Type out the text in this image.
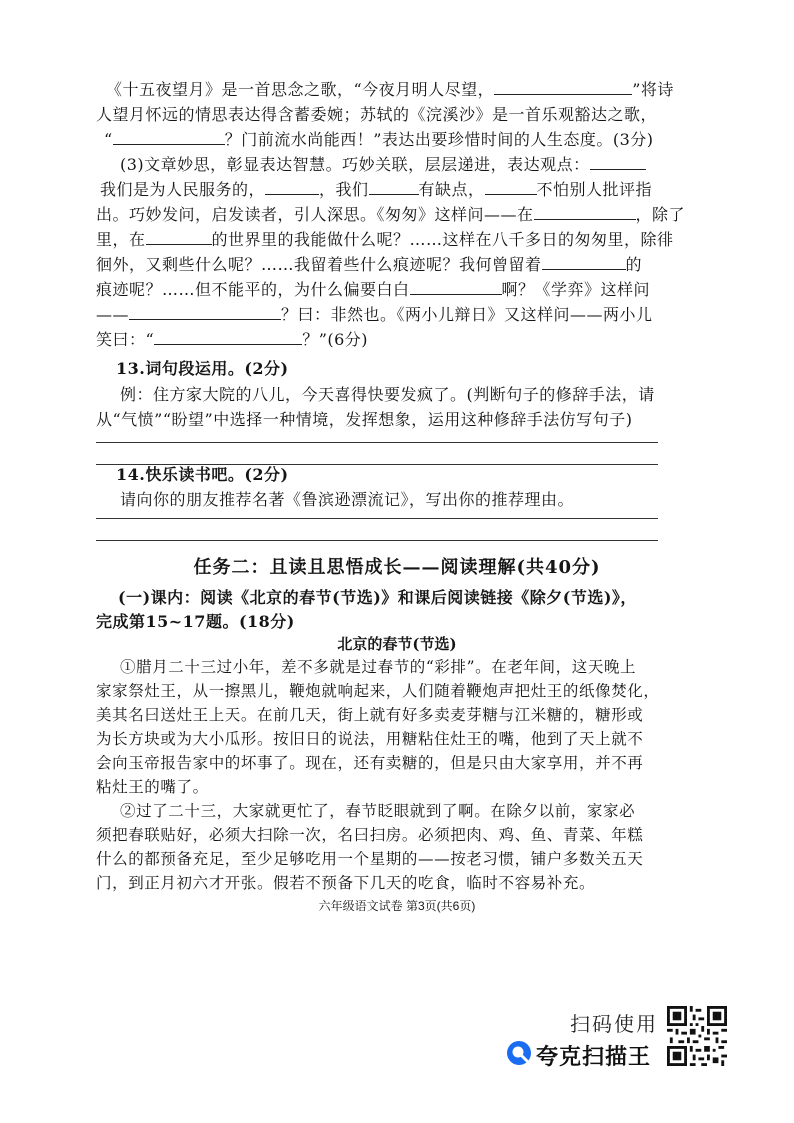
《十五夜望月》是一首思念之歌，“今夜月明人尽望，	”将诗
人望月怀远的情思表达得含蓄委婉；苏轼的《浣溪沙》是一首乐观豁达之歌，
“	？门前流水尚能西！”表达出要珍惜时间的人生态度。(3分)
(3)文章妙思，彰显表达智慧。巧妙关联，层层递进，表达观点：
我们是为人民服务的，	，我们	有缺点，	不怕别人批评指
出。巧妙发问，启发读者，引人深思。《匆匆》这样问——在	，除了
里，在	的世界里的我能做什么呢？……这样在八千多日的匆匆里，除徘
徊外，又剩些什么呢？……我留着些什么痕迹呢？我何曾留着	的
痕迹呢？……但不能平的，为什么偏要白白	啊？《学弈》这样问
——	？曰：非然也。《两小儿辩日》又这样问——两小儿
笑曰：“	？”(6分)
13.词句段运用。(2分)
例：住方家大院的八儿，今天喜得快要发疯了。(判断句子的修辞手法，请
从“气愤”“盼望”中选择一种情境，发挥想象，运用这种修辞手法仿写句子)
14.快乐读书吧。(2分)
请向你的朋友推荐名著《鲁滨逊漂流记》，写出你的推荐理由。
任务二：且读且思悟成长——阅读理解(共40分)
(一)课内：阅读《北京的春节(节选)》和课后阅读链接《除夕(节选)》，
完成第15~17题。(18分)
北京的春节(节选)
①腊月二十三过小年，差不多就是过春节的“彩排”。在老年间，这天晚上
家家祭灶王，从一擦黑儿，鞭炮就响起来，人们随着鞭炮声把灶王的纸像焚化，
美其名曰送灶王上天。在前几天，街上就有好多卖麦芽糖与江米糖的，糖形或
为长方块或为大小瓜形。按旧日的说法，用糖粘住灶王的嘴，他到了天上就不
会向玉帝报告家中的坏事了。现在，还有卖糖的，但是只由大家享用，并不再
粘灶王的嘴了。
②过了二十三，大家就更忙了，春节眨眼就到了啊。在除夕以前，家家必
须把春联贴好，必须大扫除一次，名曰扫房。必须把肉、鸡、鱼、青菜、年糕
什么的都预备充足，至少足够吃用一个星期的——按老习惯，铺户多数关五天
门，到正月初六才开张。假若不预备下几天的吃食，临时不容易补充。
六年级语文试卷 第3页(共6页)
扫码使用
夸克扫描王
